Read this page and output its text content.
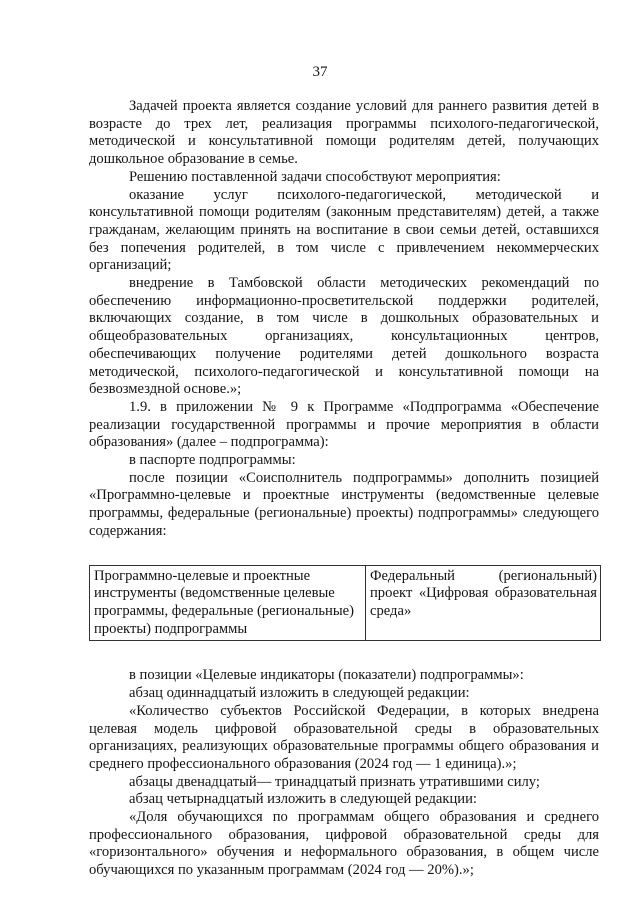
37

Задачей проекта является создание условий для раннего развития детей в возрасте до трех лет, реализация программы психолого-педагогической, методической и консультативной помощи родителям детей, получающих дошкольное образование в семье.

Решению поставленной задачи способствуют мероприятия:

оказание услуг психолого-педагогической, методической и консультативной помощи родителям (законным представителям) детей, а также гражданам, желающим принять на воспитание в свои семьи детей, оставшихся без попечения родителей, в том числе с привлечением некоммерческих организаций;

внедрение в Тамбовской области методических рекомендаций по обеспечению информационно-просветительской поддержки родителей, включающих создание, в том числе в дошкольных образовательных и общеобразовательных организациях, консультационных центров, обеспечивающих получение родителями детей дошкольного возраста методической, психолого-педагогической и консультативной помощи на безвозмездной основе.»;

1.9. в приложении № 9 к Программе «Подпрограмма «Обеспечение реализации государственной программы и прочие мероприятия в области образования» (далее – подпрограмма):

в паспорте подпрограммы:

после позиции «Соисполнитель подпрограммы» дополнить позицией «Программно-целевые и проектные инструменты (ведомственные целевые программы, федеральные (региональные) проекты) подпрограммы» следующего содержания:

Программно-целевые и проектные инструменты (ведомственные целевые программы, федеральные (региональные) проекты) подпрограммы	Федеральный (региональный) проект «Цифровая образовательная среда»

в позиции «Целевые индикаторы (показатели) подпрограммы»:

абзац одиннадцатый изложить в следующей редакции:

«Количество субъектов Российской Федерации, в которых внедрена целевая модель цифровой образовательной среды в образовательных организациях, реализующих образовательные программы общего образования и среднего профессионального образования (2024 год — 1 единица).»;

абзацы двенадцатый— тринадцатый признать утратившими силу;

абзац четырнадцатый изложить в следующей редакции:

«Доля обучающихся по программам общего образования и среднего профессионального образования, цифровой образовательной среды для «горизонтального» обучения и неформального образования, в общем числе обучающихся по указанным программам (2024 год — 20%).»;
